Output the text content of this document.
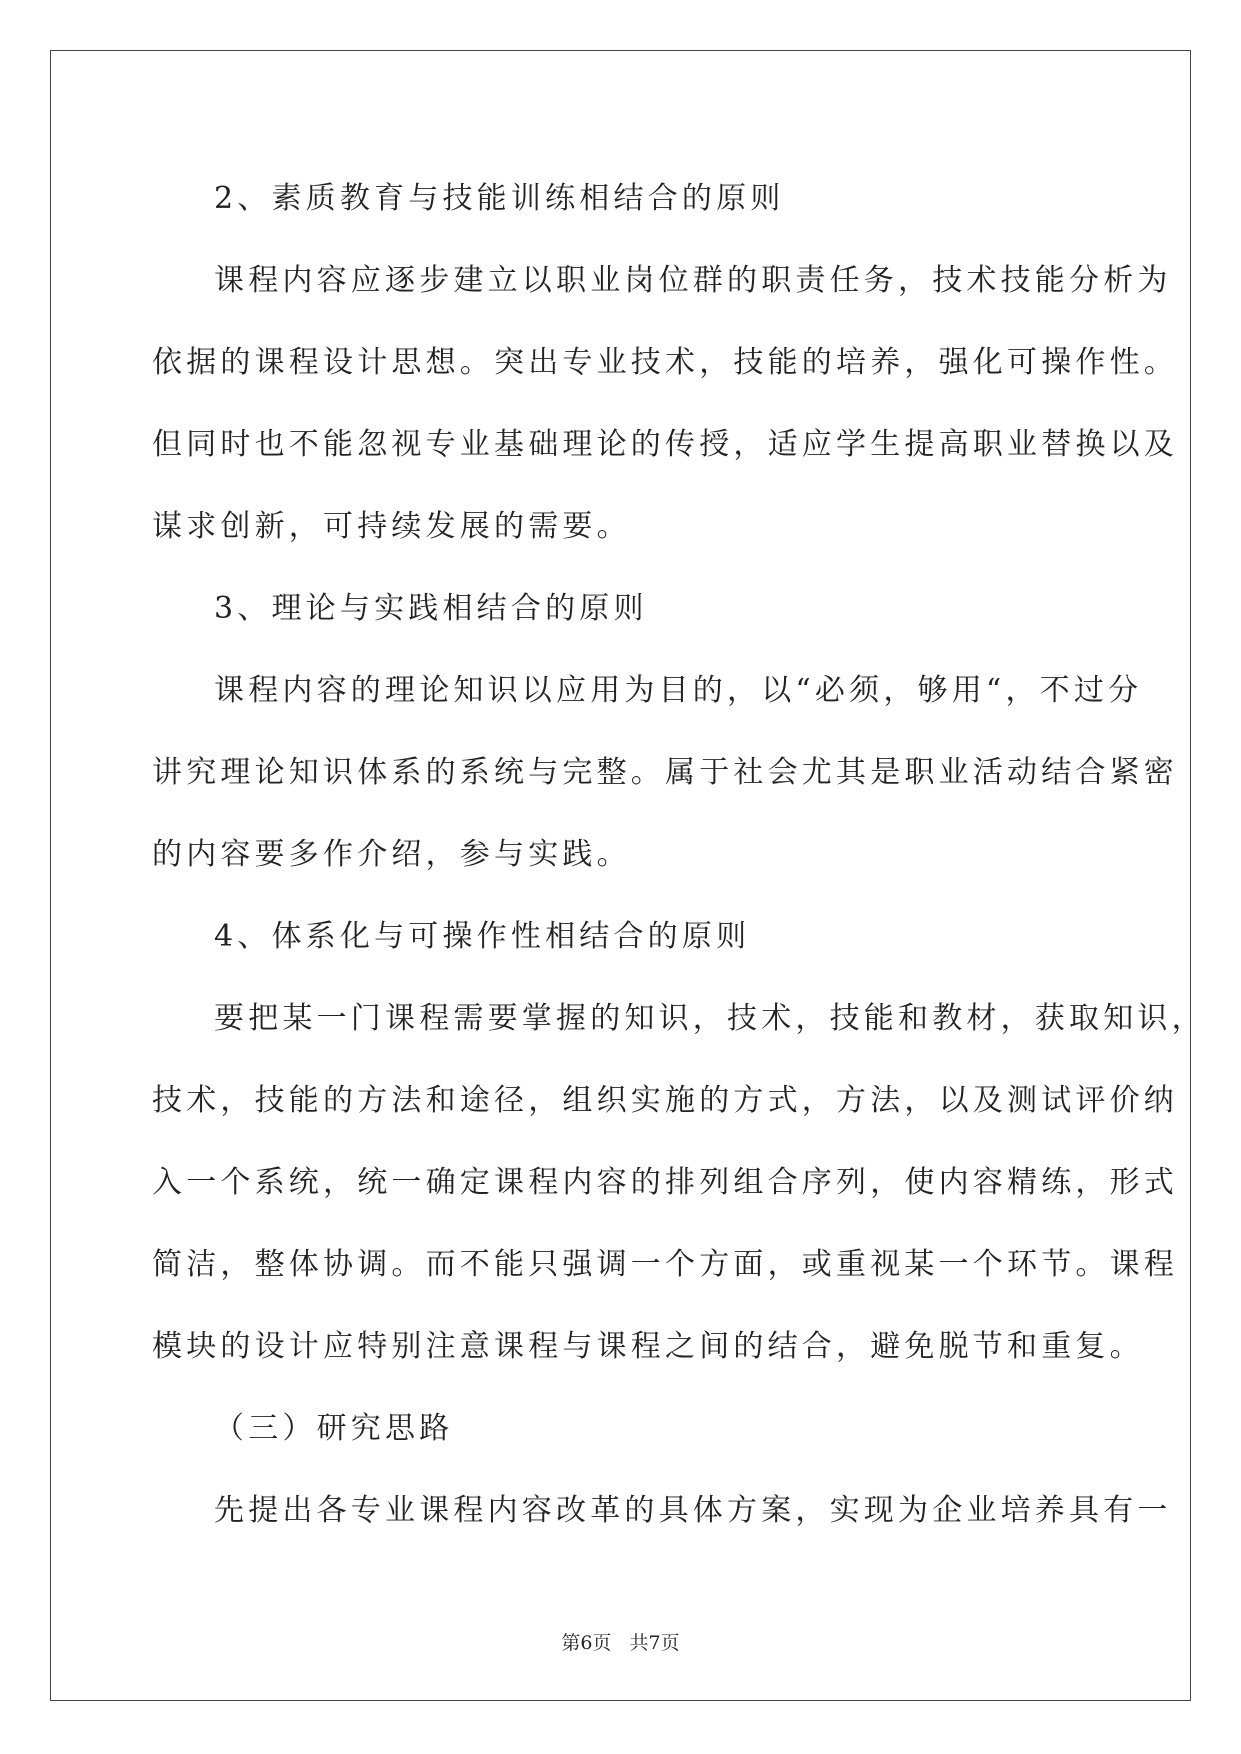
2、素质教育与技能训练相结合的原则

课程内容应逐步建立以职业岗位群的职责任务，技术技能分析为

依据的课程设计思想。突出专业技术，技能的培养，强化可操作性。

但同时也不能忽视专业基础理论的传授，适应学生提高职业替换以及

谋求创新，可持续发展的需要。

3、理论与实践相结合的原则

课程内容的理论知识以应用为目的，以“必须，够用“，不过分

讲究理论知识体系的系统与完整。属于社会尤其是职业活动结合紧密

的内容要多作介绍，参与实践。

4、体系化与可操作性相结合的原则

要把某一门课程需要掌握的知识，技术，技能和教材，获取知识，

技术，技能的方法和途径，组织实施的方式，方法，以及测试评价纳

入一个系统，统一确定课程内容的排列组合序列，使内容精练，形式

简洁，整体协调。而不能只强调一个方面，或重视某一个环节。课程

模块的设计应特别注意课程与课程之间的结合，避免脱节和重复。

（三）研究思路

先提出各专业课程内容改革的具体方案，实现为企业培养具有一

第6页   共7页
